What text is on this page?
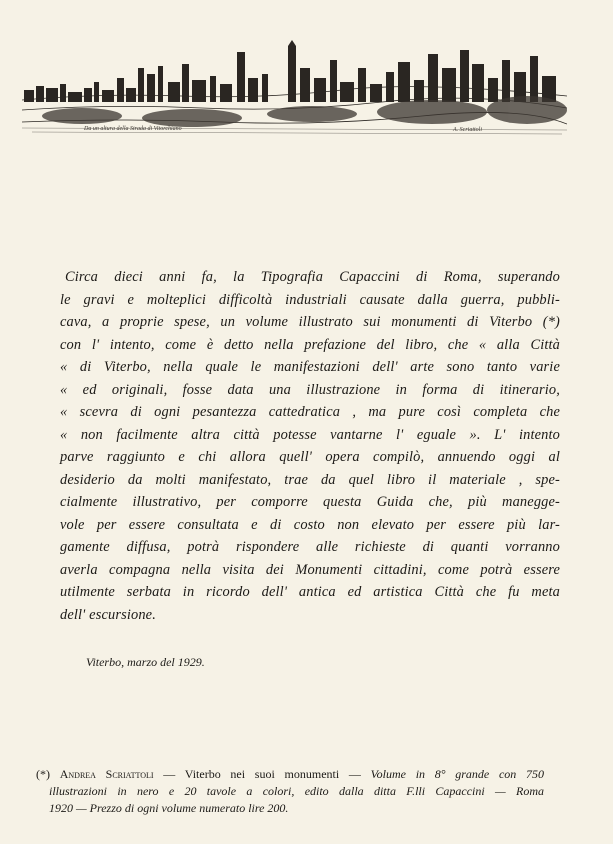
Da un altura della Strada di Vitorchiano	A. Scriattoli
Circa dieci anni fa, la Tipografia Capaccini di Roma, superando
le gravi e molteplici difficoltà industriali causate dalla guerra, pubbli-
cava, a proprie spese, un volume illustrato sui monumenti di Viterbo (*)
con l' intento, come è detto nella prefazione del libro, che « alla Città
« di Viterbo, nella quale le manifestazioni dell' arte sono tanto varie
« ed originali, fosse data una illustrazione in forma di itinerario,
« scevra di ogni pesantezza cattedratica , ma pure così completa che
« non facilmente altra città potesse vantarne l' eguale ». L' intento
parve raggiunto e chi allora quell' opera compilò, annuendo oggi al
desiderio da molti manifestato, trae da quel libro il materiale , spe-
cialmente illustrativo, per comporre questa Guida che, più manegge-
vole per essere consultata e di costo non elevato per essere più lar-
gamente diffusa, potrà rispondere alle richieste di quanti vorranno
averla compagna nella visita dei Monumenti cittadini, come potrà essere
utilmente serbata in ricordo dell' antica ed artistica Città che fu meta
dell' escursione.
Viterbo, marzo del 1929.
(*) Andrea Scriattoli — Viterbo nei suoi monumenti — Volume in 8° grande con 750
illustrazioni in nero e 20 tavole a colori, edito dalla ditta F.lli Capaccini — Roma
1920 — Prezzo di ogni volume numerato lire 200.
